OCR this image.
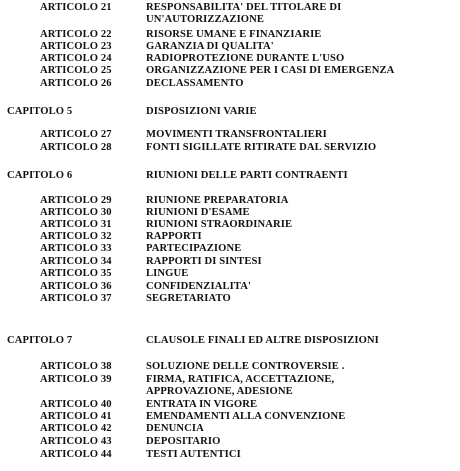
ARTICOLO 21	RESPONSABILITA' DEL TITOLARE DI
UN'AUTORIZZAZIONE
ARTICOLO 22	RISORSE UMANE E FINANZIARIE
ARTICOLO 23	GARANZIA DI QUALITA'
ARTICOLO 24	RADIOPROTEZIONE DURANTE L'USO
ARTICOLO 25	ORGANIZZAZIONE PER I CASI DI EMERGENZA
ARTICOLO 26	DECLASSAMENTO
CAPITOLO 5	DISPOSIZIONI VARIE
ARTICOLO 27	MOVIMENTI TRANSFRONTALIERI
ARTICOLO 28	FONTI SIGILLATE RITIRATE DAL SERVIZIO
CAPITOLO 6	RIUNIONI DELLE PARTI CONTRAENTI
ARTICOLO 29	RIUNIONE PREPARATORIA
ARTICOLO 30	RIUNIONI D'ESAME
ARTICOLO 31	RIUNIONI STRAORDINARIE
ARTICOLO 32	RAPPORTI
ARTICOLO 33	PARTECIPAZIONE
ARTICOLO 34	RAPPORTI DI SINTESI
ARTICOLO 35	LINGUE
ARTICOLO 36	CONFIDENZIALITA'
ARTICOLO 37	SEGRETARIATO
CAPITOLO 7	CLAUSOLE FINALI ED ALTRE DISPOSIZIONI
ARTICOLO 38	SOLUZIONE DELLE CONTROVERSIE .
ARTICOLO 39	FIRMA, RATIFICA, ACCETTAZIONE,
APPROVAZIONE, ADESIONE
ARTICOLO 40	ENTRATA IN VIGORE
ARTICOLO 41	EMENDAMENTI ALLA CONVENZIONE
ARTICOLO 42	DENUNCIA
ARTICOLO 43	DEPOSITARIO
ARTICOLO 44	TESTI AUTENTICI
